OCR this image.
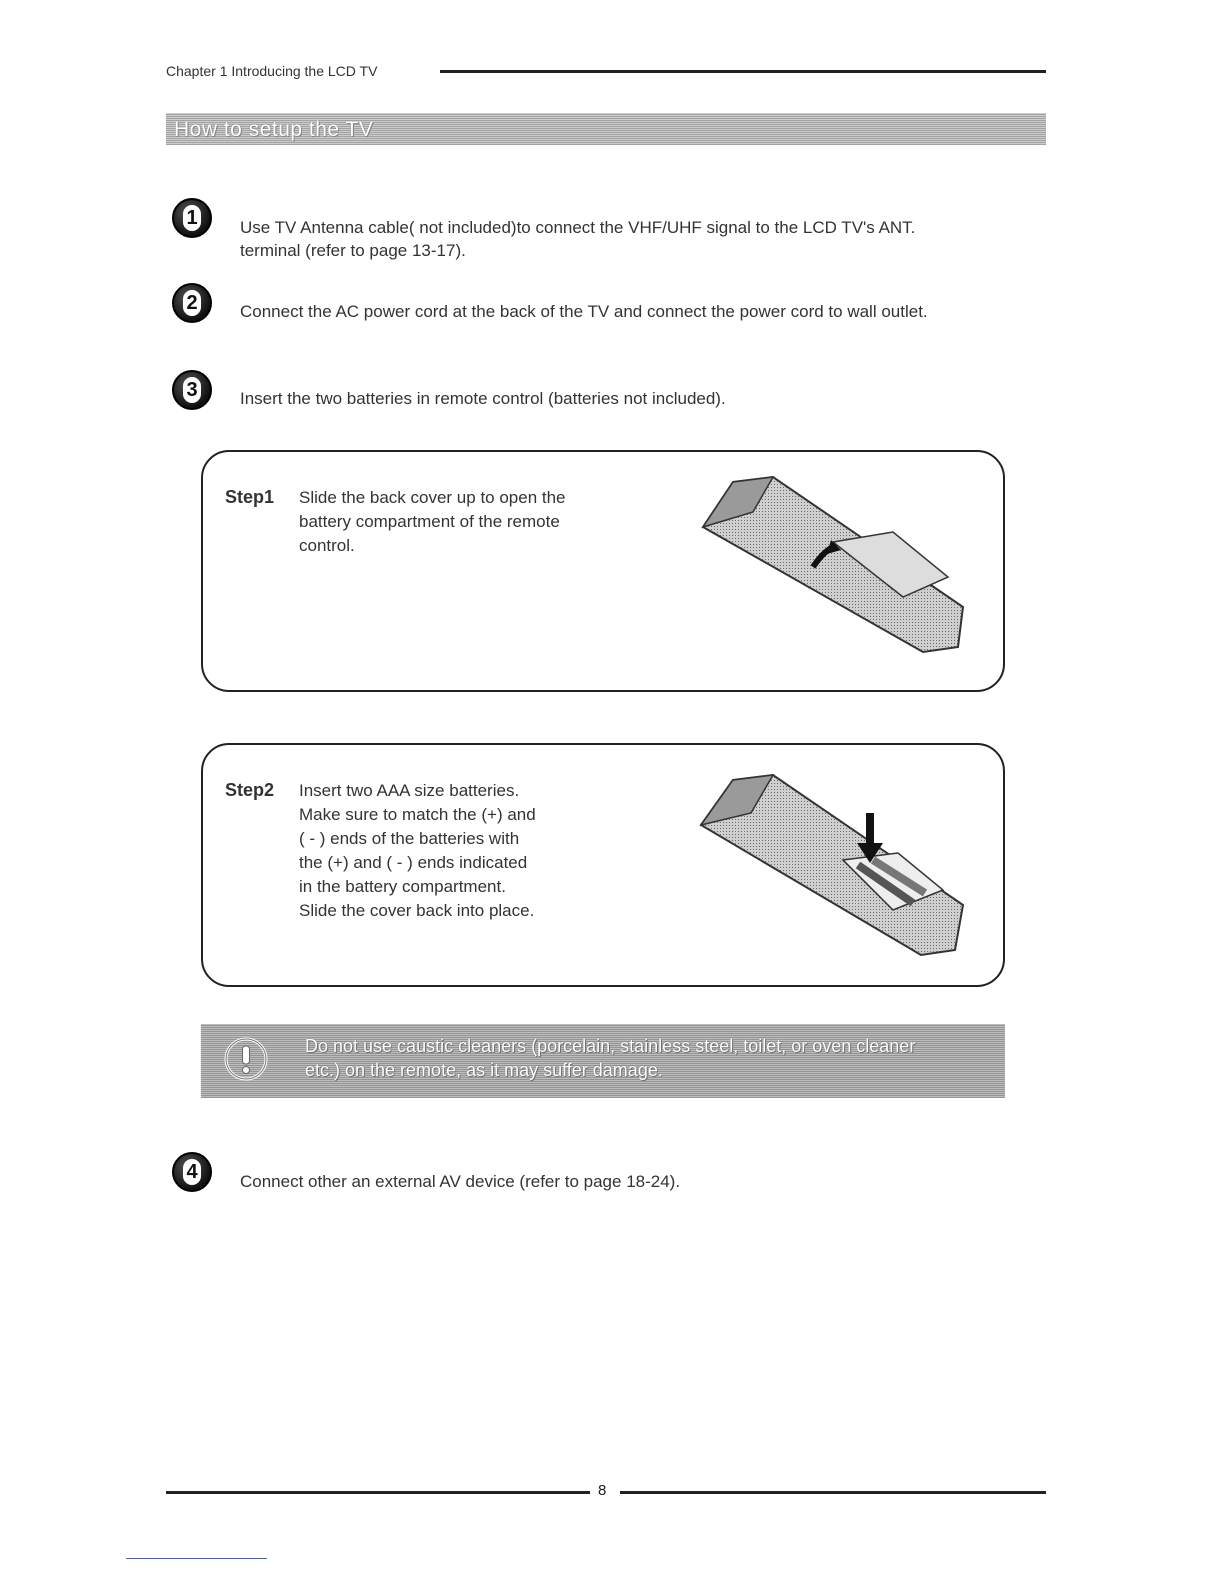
Chapter 1 Introducing the LCD TV
How to setup the TV
1 Use TV Antenna cable( not included)to connect the VHF/UHF signal to the LCD TV's ANT.
terminal (refer to page 13-17).
2 Connect the AC power cord at the back of the TV and connect the power cord to wall outlet.
3 Insert the two batteries in remote control (batteries not included).
Step1 Slide the back cover up to open the
battery compartment of the remote
control.
Step2 Insert two AAA size batteries.
Make sure to match the (+) and
( - ) ends of the batteries with
the (+) and ( - ) ends indicated
in the battery compartment.
Slide the cover back into place.
Do not use caustic cleaners (porcelain, stainless steel, toilet, or oven cleaner
etc.) on the remote, as it may suffer damage.
4 Connect other an external AV device (refer to page 18-24).
8
